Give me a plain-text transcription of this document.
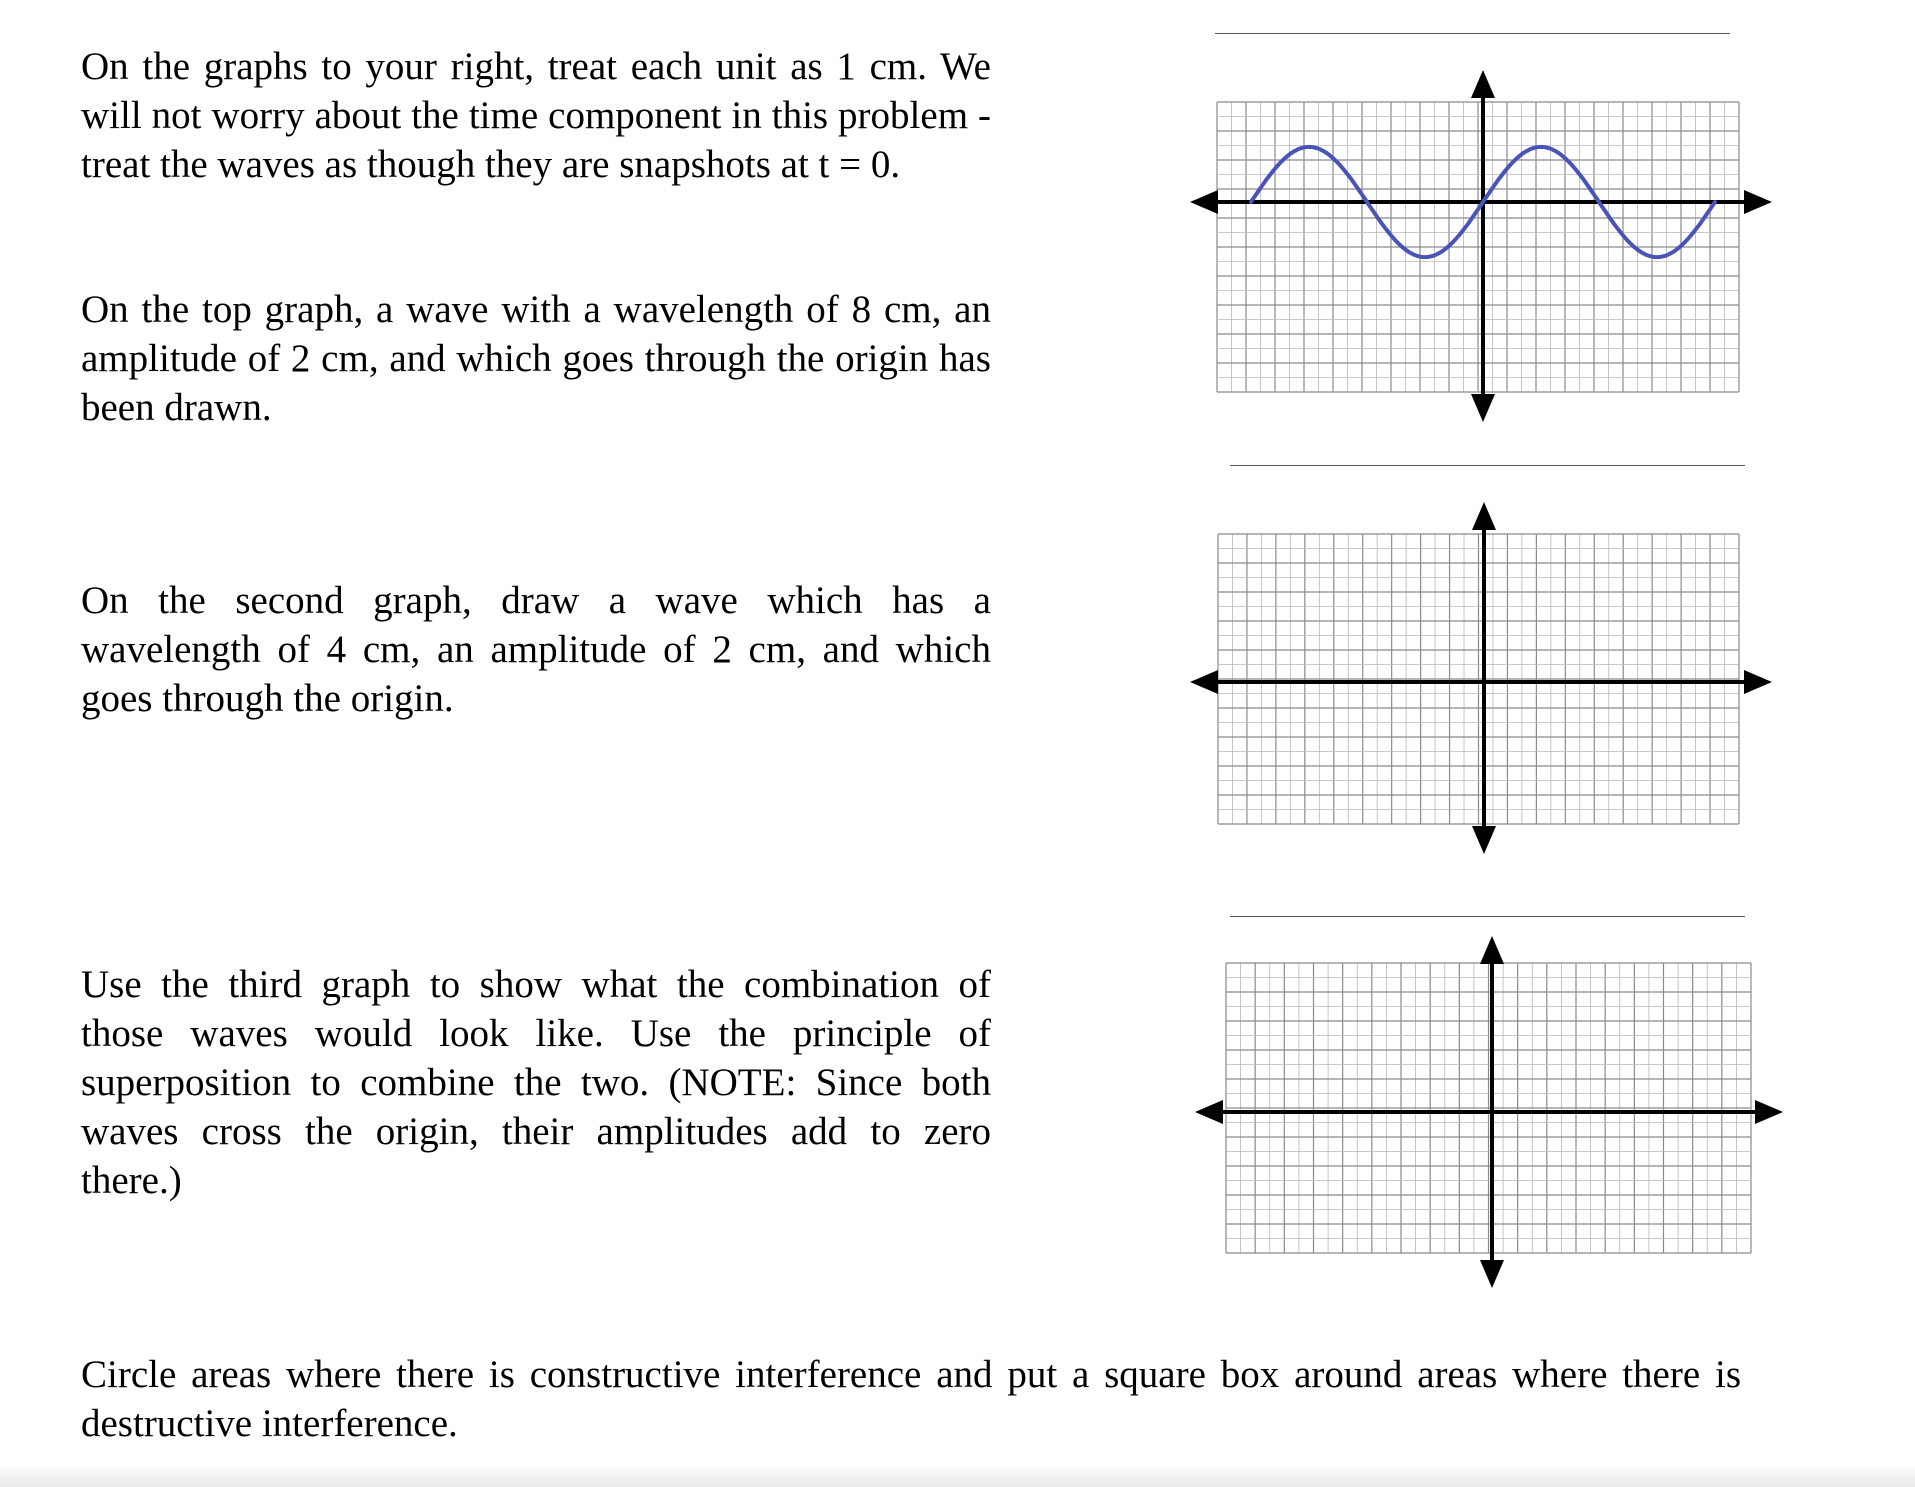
On the graphs to your right, treat each unit as 1 cm. We will not worry about the time component in this problem - treat the waves as though they are snapshots at t = 0.

On the top graph, a wave with a wavelength of 8 cm, an amplitude of 2 cm, and which goes through the origin has been drawn.

On the second graph, draw a wave which has a wavelength of 4 cm, an amplitude of 2 cm, and which goes through the origin.

Use the third graph to show what the combination of those waves would look like. Use the principle of superposition to combine the two. (NOTE: Since both waves cross the origin, their amplitudes add to zero there.)

Circle areas where there is constructive interference and put a square box around areas where there is destructive interference.
